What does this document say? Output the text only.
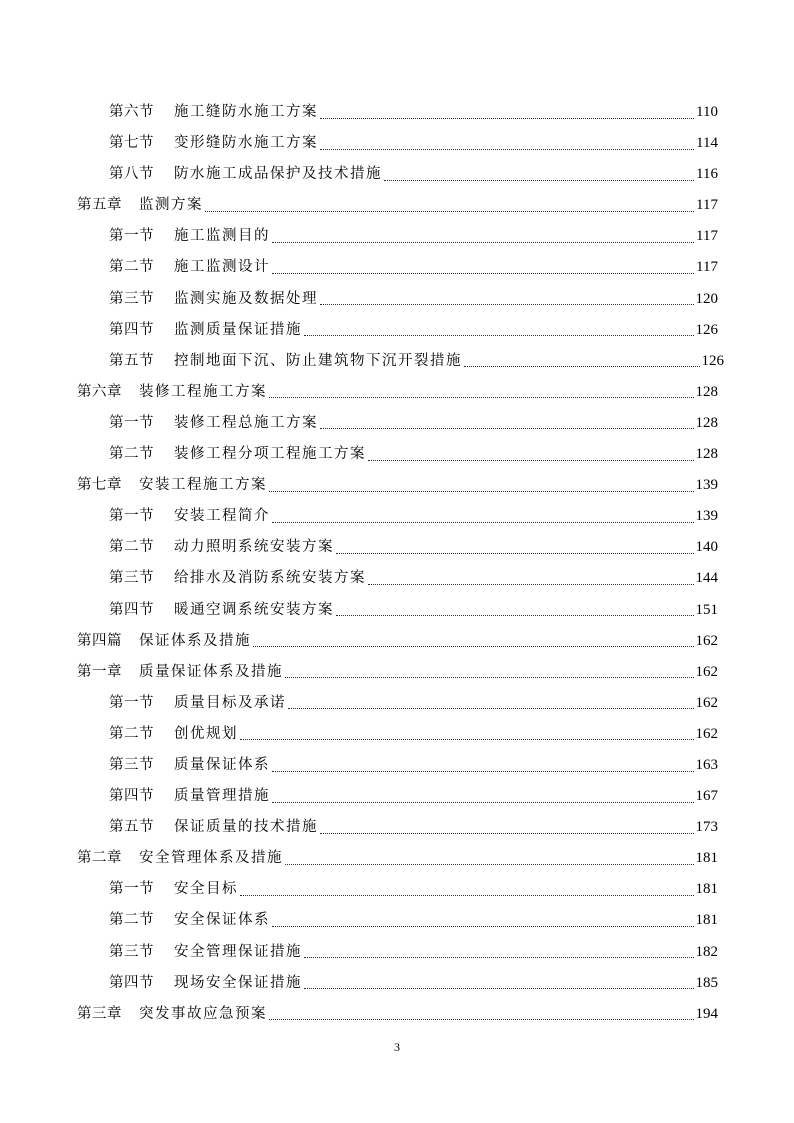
第六节	施工缝防水施工方案	110
第七节	变形缝防水施工方案	114
第八节	防水施工成品保护及技术措施	116
第五章	监测方案	117
第一节	施工监测目的	117
第二节	施工监测设计	117
第三节	监测实施及数据处理	120
第四节	监测质量保证措施	126
第五节	控制地面下沉、防止建筑物下沉开裂措施	126
第六章	装修工程施工方案	128
第一节	装修工程总施工方案	128
第二节	装修工程分项工程施工方案	128
第七章	安装工程施工方案	139
第一节	安装工程简介	139
第二节	动力照明系统安装方案	140
第三节	给排水及消防系统安装方案	144
第四节	暖通空调系统安装方案	151
第四篇	保证体系及措施	162
第一章	质量保证体系及措施	162
第一节	质量目标及承诺	162
第二节	创优规划	162
第三节	质量保证体系	163
第四节	质量管理措施	167
第五节	保证质量的技术措施	173
第二章	安全管理体系及措施	181
第一节	安全目标	181
第二节	安全保证体系	181
第三节	安全管理保证措施	182
第四节	现场安全保证措施	185
第三章	突发事故应急预案	194
3
